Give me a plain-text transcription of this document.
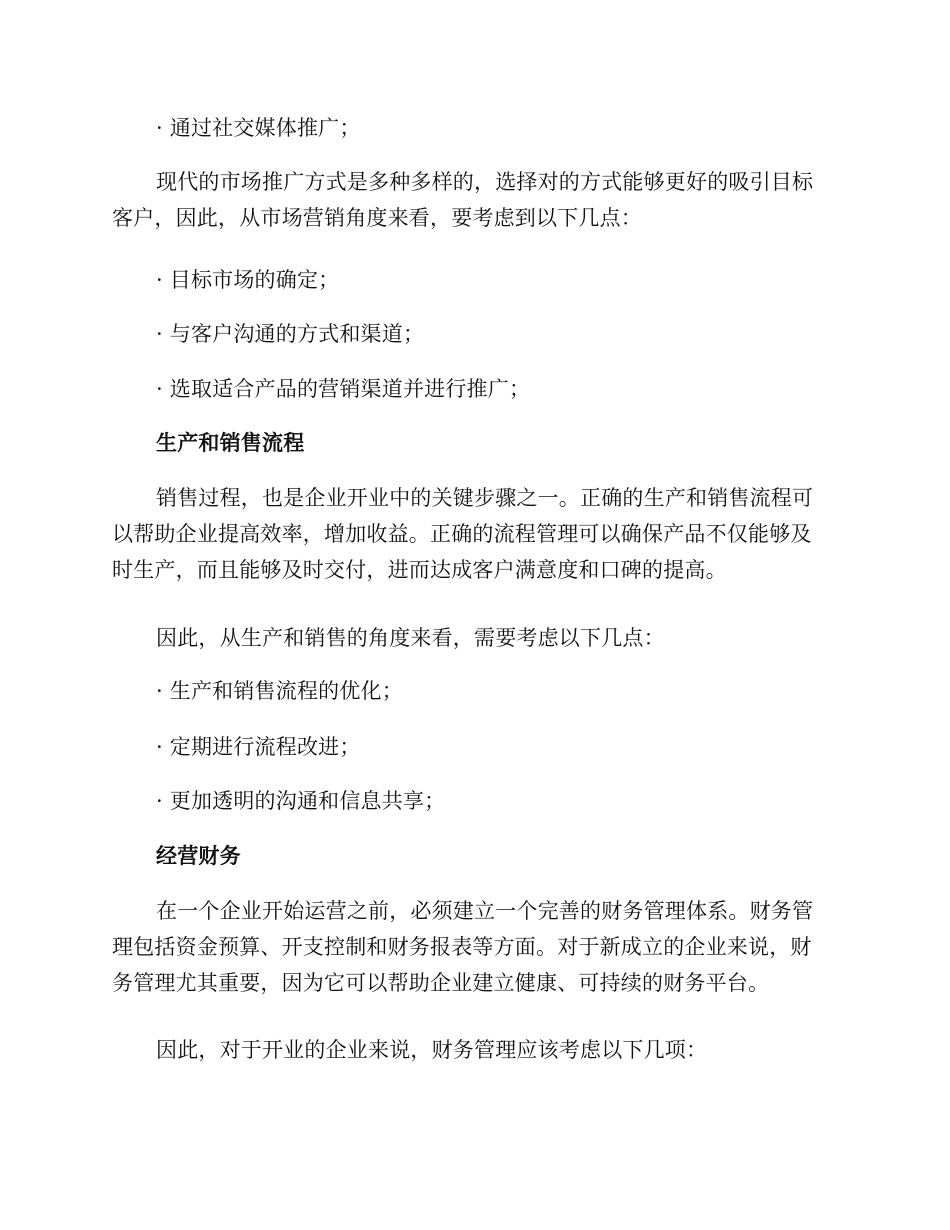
· 通过社交媒体推广；

现代的市场推广方式是多种多样的，选择对的方式能够更好的吸引目标客户，因此，从市场营销角度来看，要考虑到以下几点：

· 目标市场的确定；

· 与客户沟通的方式和渠道；

· 选取适合产品的营销渠道并进行推广；

生产和销售流程

销售过程，也是企业开业中的关键步骤之一。正确的生产和销售流程可以帮助企业提高效率，增加收益。正确的流程管理可以确保产品不仅能够及时生产，而且能够及时交付，进而达成客户满意度和口碑的提高。

因此，从生产和销售的角度来看，需要考虑以下几点：

· 生产和销售流程的优化；

· 定期进行流程改进；

· 更加透明的沟通和信息共享；

经营财务

在一个企业开始运营之前，必须建立一个完善的财务管理体系。财务管理包括资金预算、开支控制和财务报表等方面。对于新成立的企业来说，财务管理尤其重要，因为它可以帮助企业建立健康、可持续的财务平台。

因此，对于开业的企业来说，财务管理应该考虑以下几项：
